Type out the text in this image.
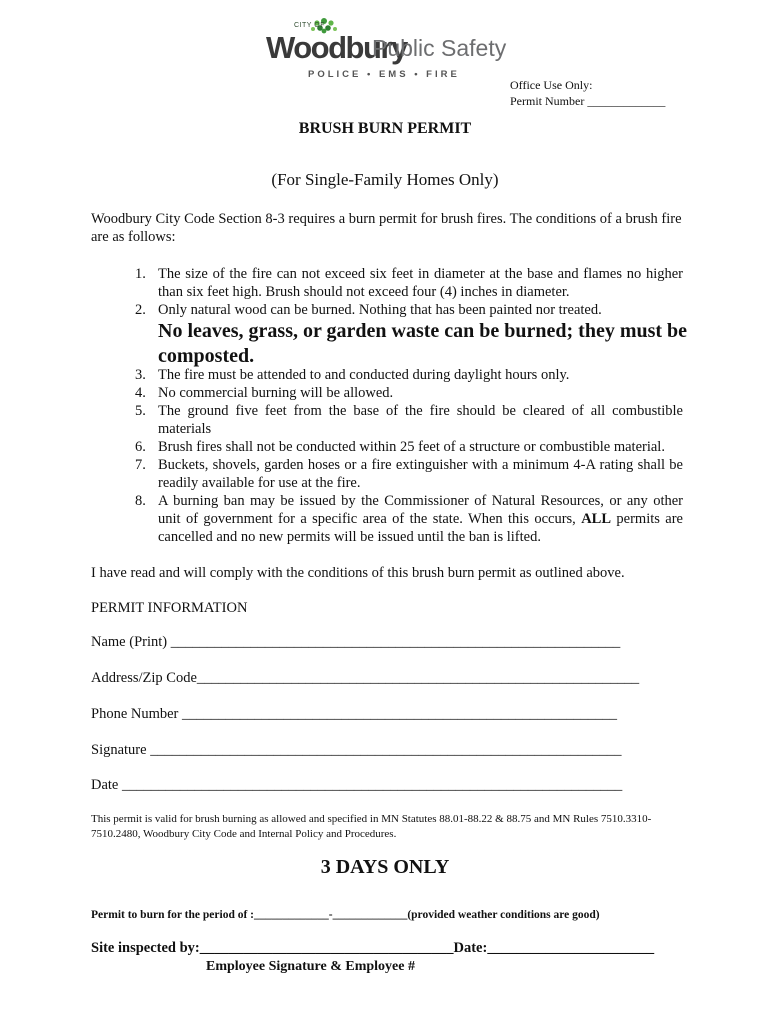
CITY OF
Woodbury
Public Safety
POLICE • EMS • FIRE
Office Use Only:
Permit Number _____________
BRUSH BURN PERMIT
(For Single-Family Homes Only)
Woodbury City Code Section 8-3 requires a burn permit for brush fires. The conditions of a brush fire are as follows:
1. The size of the fire can not exceed six feet in diameter at the base and flames no higher than six feet high. Brush should not exceed four (4) inches in diameter.
2. Only natural wood can be burned. Nothing that has been painted nor treated.
No leaves, grass, or garden waste can be burned; they must be composted.
3. The fire must be attended to and conducted during daylight hours only.
4. No commercial burning will be allowed.
5. The ground five feet from the base of the fire should be cleared of all combustible materials
6. Brush fires shall not be conducted within 25 feet of a structure or combustible material.
7. Buckets, shovels, garden hoses or a fire extinguisher with a minimum 4-A rating shall be readily available for use at the fire.
8. A burning ban may be issued by the Commissioner of Natural Resources, or any other unit of government for a specific area of the state. When this occurs, ALL permits are cancelled and no new permits will be issued until the ban is lifted.
I have read and will comply with the conditions of this brush burn permit as outlined above.
PERMIT INFORMATION
Name (Print) ______________________________________________________________
Address/Zip Code_____________________________________________________________
Phone Number ____________________________________________________________
Signature _________________________________________________________________
Date _____________________________________________________________________
This permit is valid for brush burning as allowed and specified in MN Statutes 88.01-88.22 & 88.75 and MN Rules 7510.3310-7510.2480, Woodbury City Code and Internal Policy and Procedures.
3 DAYS ONLY
Permit to burn for the period of :_____________-_____________(provided weather conditions are good)
Site inspected by:___________________________________Date:_______________________
Employee Signature & Employee #
